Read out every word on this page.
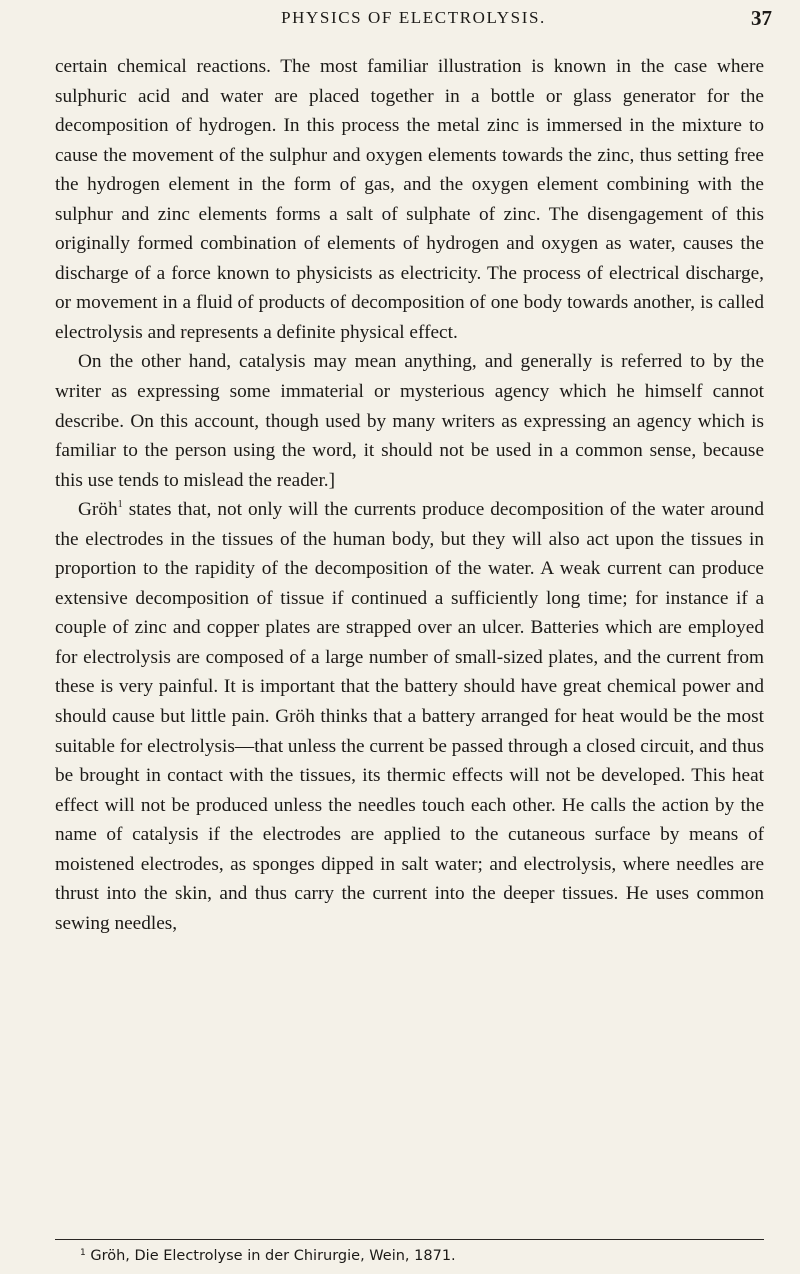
PHYSICS OF ELECTROLYSIS.	37

certain chemical reactions. The most familiar illustration is known in the case where sulphuric acid and water are placed together in a bottle or glass generator for the decomposition of hydrogen. In this process the metal zinc is immersed in the mixture to cause the movement of the sulphur and oxygen elements towards the zinc, thus setting free the hydrogen element in the form of gas, and the oxygen element combining with the sulphur and zinc elements forms a salt of sulphate of zinc. The disengagement of this originally formed combination of elements of hydrogen and oxygen as water, causes the discharge of a force known to physicists as electricity. The process of electrical discharge, or movement in a fluid of products of decomposition of one body towards another, is called electrolysis and represents a definite physical effect.

On the other hand, catalysis may mean anything, and generally is referred to by the writer as expressing some immaterial or mysterious agency which he himself cannot describe. On this account, though used by many writers as expressing an agency which is familiar to the person using the word, it should not be used in a common sense, because this use tends to mislead the reader.]

Gröh$^1$ states that, not only will the currents produce decomposition of the water around the electrodes in the tissues of the human body, but they will also act upon the tissues in proportion to the rapidity of the decomposition of the water. A weak current can produce extensive decomposition of tissue if continued a sufficiently long time; for instance if a couple of zinc and copper plates are strapped over an ulcer. Batteries which are employed for electrolysis are composed of a large number of small-sized plates, and the current from these is very painful. It is important that the battery should have great chemical power and should cause but little pain. Gröh thinks that a battery arranged for heat would be the most suitable for electrolysis—that unless the current be passed through a closed circuit, and thus be brought in contact with the tissues, its thermic effects will not be developed. This heat effect will not be produced unless the needles touch each other. He calls the action by the name of catalysis if the electrodes are applied to the cutaneous surface by means of moistened electrodes, as sponges dipped in salt water; and electrolysis, where needles are thrust into the skin, and thus carry the current into the deeper tissues. He uses common sewing needles,

$^1$ Gröh, Die Electrolyse in der Chirurgie, Wein, 1871.
